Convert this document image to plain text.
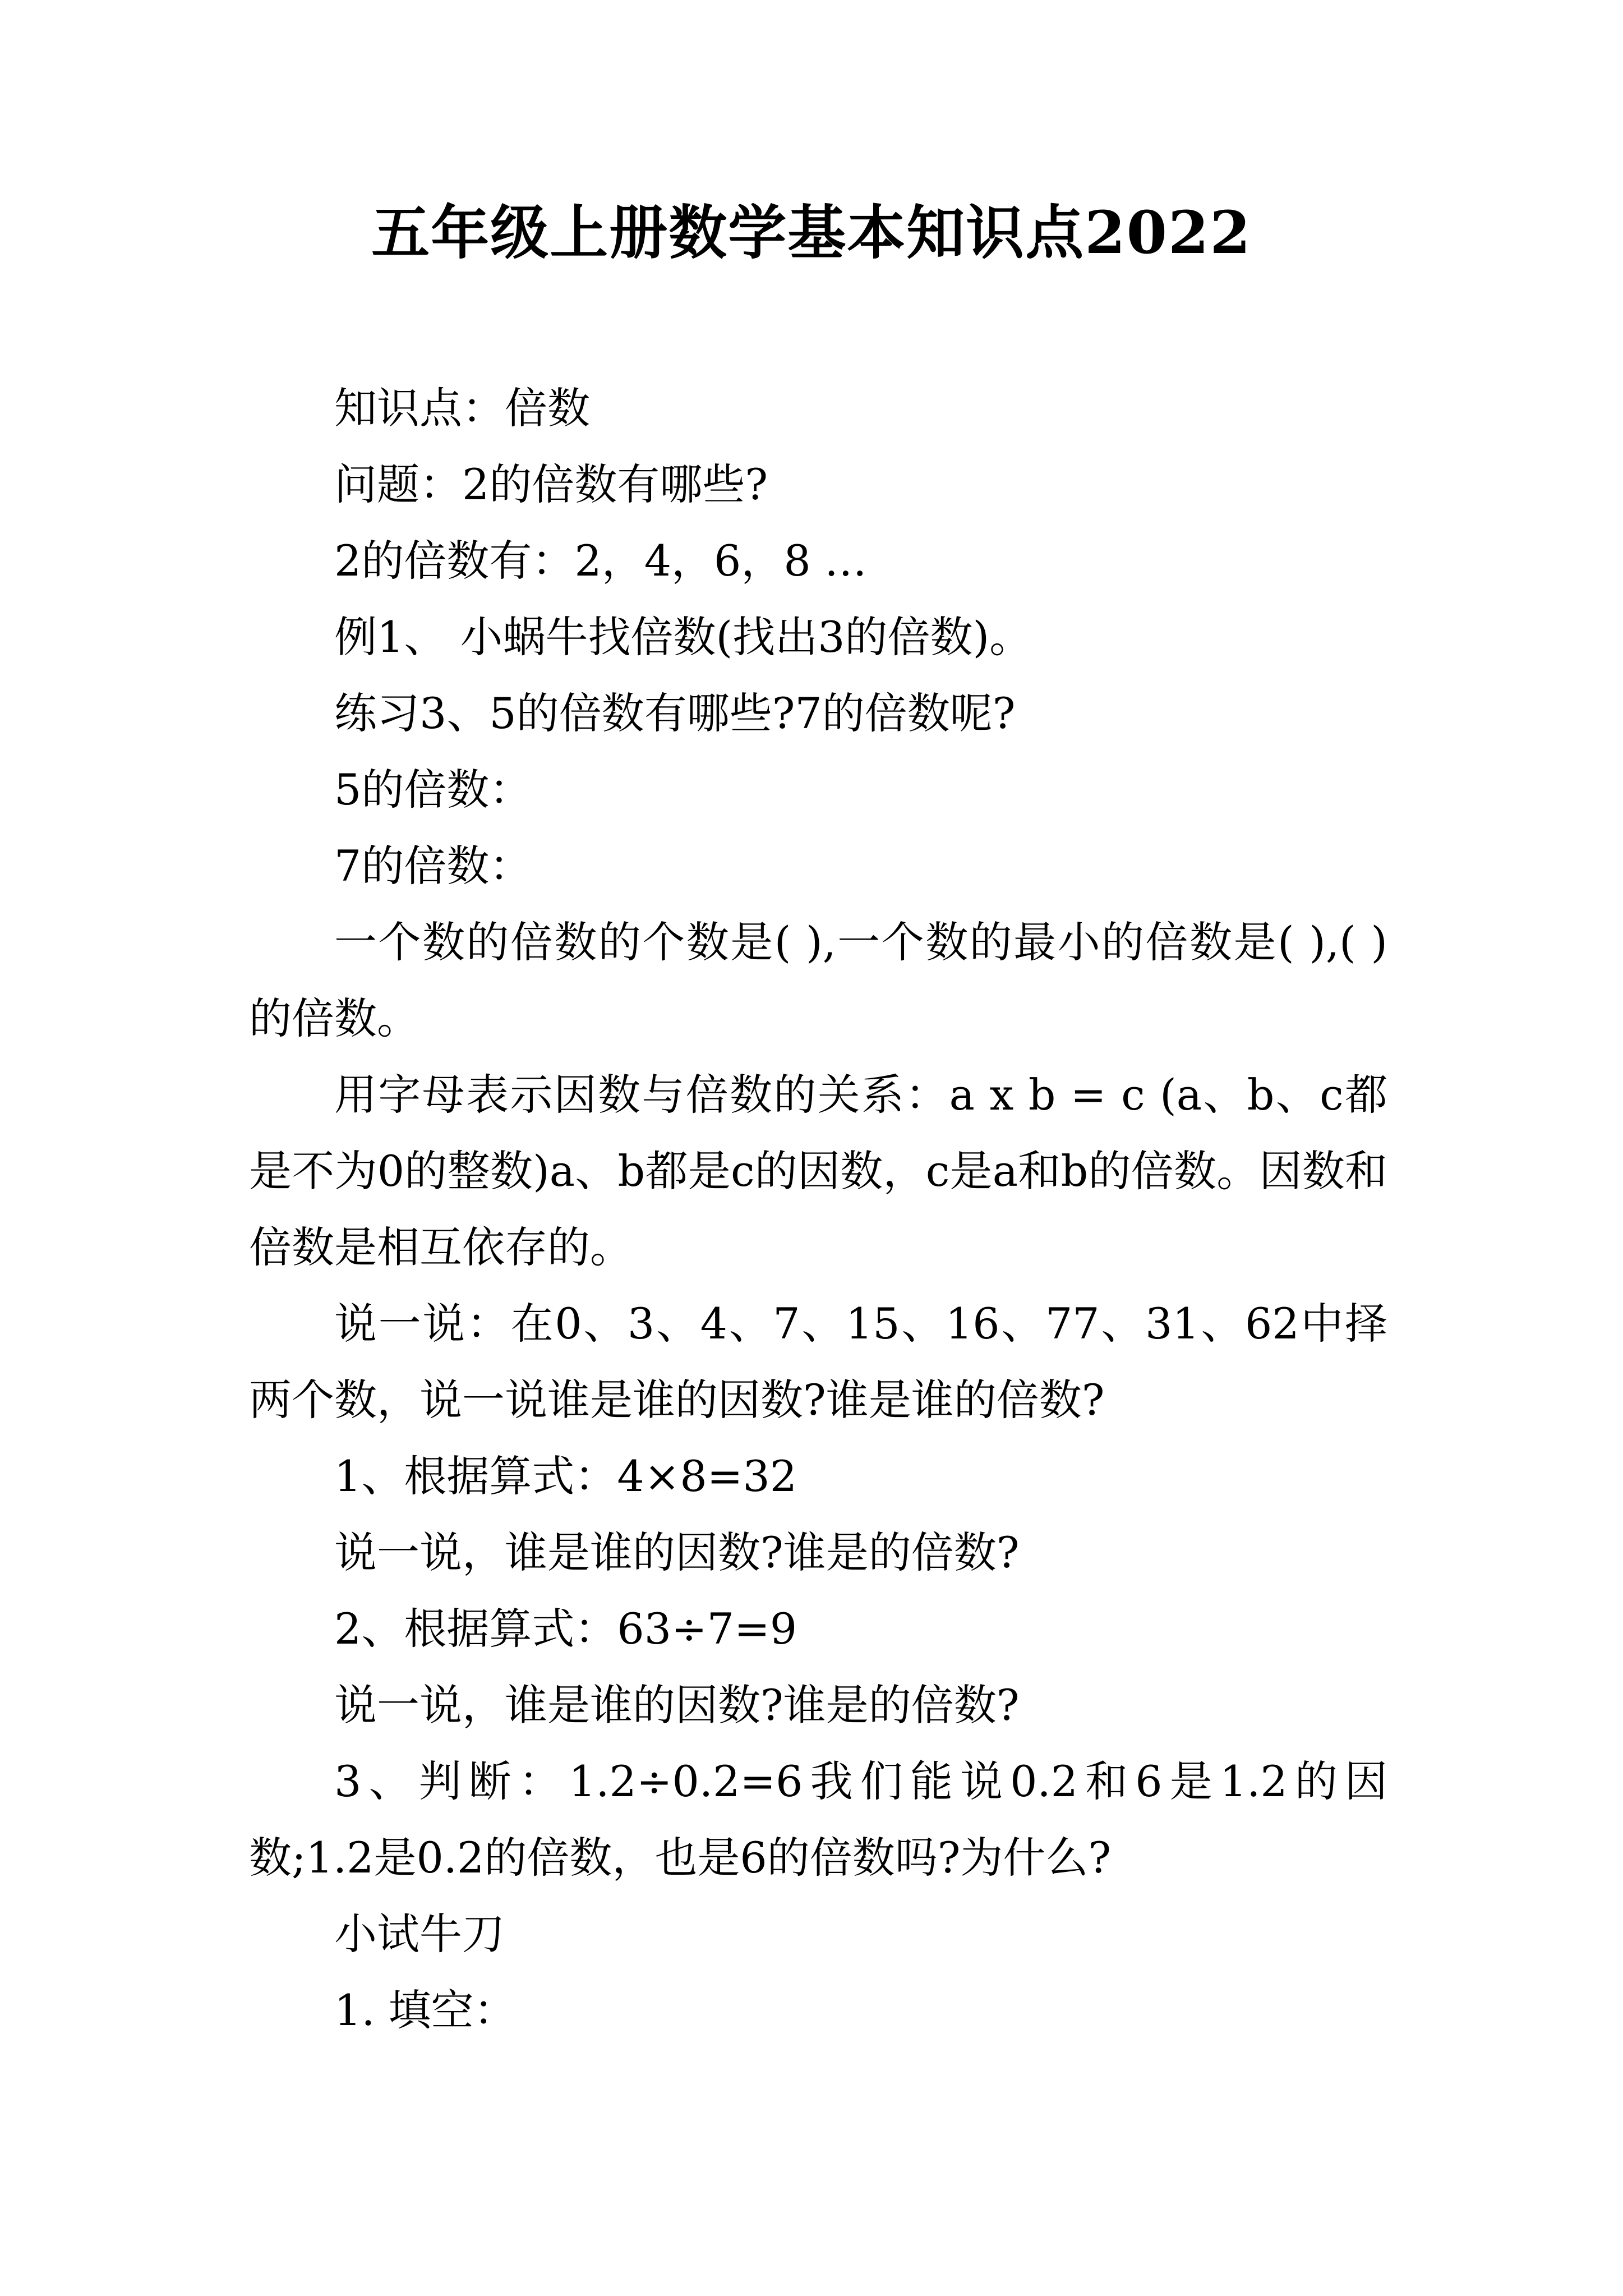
五年级上册数学基本知识点2022

知识点：倍数

问题：2的倍数有哪些?

2的倍数有：2，4，6，8 …

例1、 小蜗牛找倍数(找出3的倍数)。

练习3、5的倍数有哪些?7的倍数呢?

5的倍数：

7的倍数：

一个数的倍数的个数是( ),一个数的最小的倍数是( ),( )的倍数。

用字母表示因数与倍数的关系：a x b = c (a、b、c都是不为0的整数)a、b都是c的因数，c是a和b的倍数。因数和倍数是相互依存的。

说一说：在0、3、4、7、15、16、77、31、62中择两个数，说一说谁是谁的因数?谁是谁的倍数?

1、根据算式：4×8=32

说一说，谁是谁的因数?谁是的倍数?

2、根据算式：63÷7=9

说一说，谁是谁的因数?谁是的倍数?

3、判断：1.2÷0.2=6我们能说0.2和6是1.2的因数;1.2是0.2的倍数，也是6的倍数吗?为什么?

小试牛刀

1. 填空：
